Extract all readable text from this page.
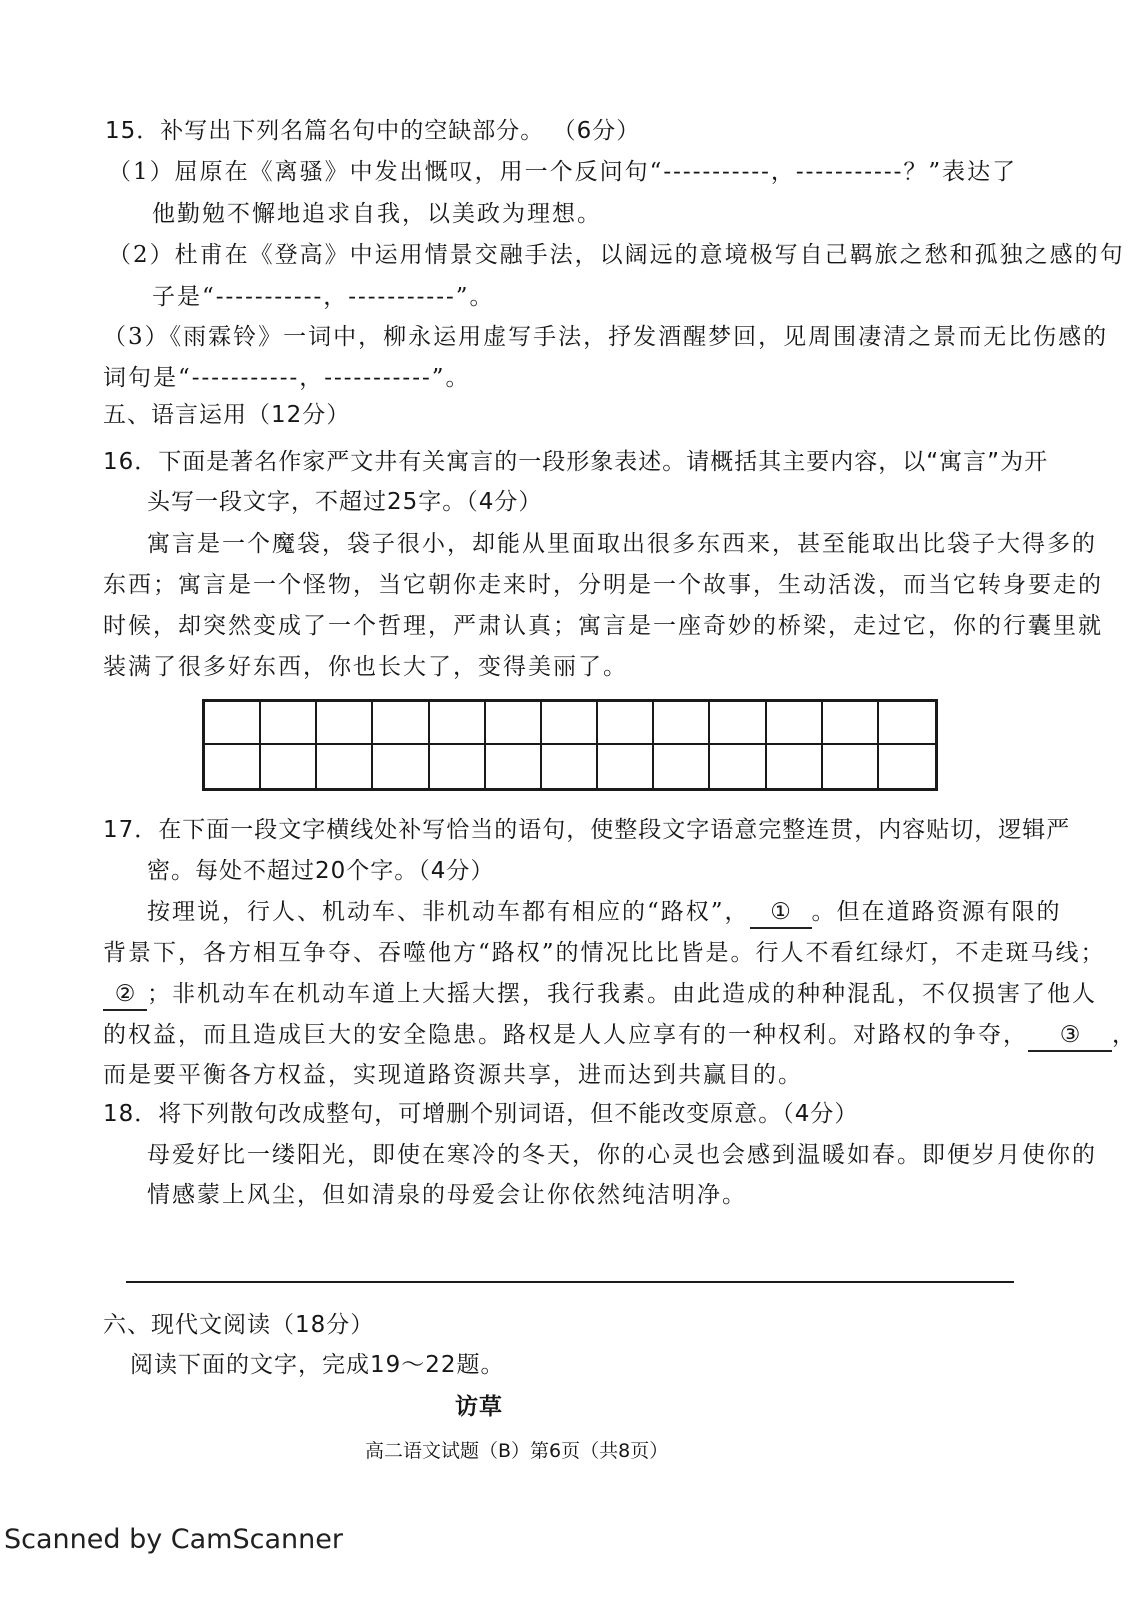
15．补写出下列名篇名句中的空缺部分。 （6分）
（1）屈原在《离骚》中发出慨叹，用一个反问句“-----------，-----------？”表达了
他勤勉不懈地追求自我，以美政为理想。
（2）杜甫在《登高》中运用情景交融手法，以阔远的意境极写自己羁旅之愁和孤独之感的句
子是“-----------，-----------”。
（3）《雨霖铃》一词中，柳永运用虚写手法，抒发酒醒梦回，见周围凄清之景而无比伤感的
词句是“-----------，-----------”。
五、语言运用（12分）
16．下面是著名作家严文井有关寓言的一段形象表述。请概括其主要内容，以“寓言”为开
头写一段文字，不超过25字。（4分）
寓言是一个魔袋，袋子很小，却能从里面取出很多东西来，甚至能取出比袋子大得多的
东西；寓言是一个怪物，当它朝你走来时，分明是一个故事，生动活泼，而当它转身要走的
时候，却突然变成了一个哲理，严肃认真；寓言是一座奇妙的桥梁，走过它，你的行囊里就
装满了很多好东西，你也长大了，变得美丽了。
17．在下面一段文字横线处补写恰当的语句，使整段文字语意完整连贯，内容贴切，逻辑严
密。每处不超过20个字。（4分）
按理说，行人、机动车、非机动车都有相应的“路权”， ① 。但在道路资源有限的
背景下，各方相互争夺、吞噬他方“路权”的情况比比皆是。行人不看红绿灯，不走斑马线；
② ；非机动车在机动车道上大摇大摆，我行我素。由此造成的种种混乱，不仅损害了他人
的权益，而且造成巨大的安全隐患。路权是人人应享有的一种权利。对路权的争夺， ③ ，
而是要平衡各方权益，实现道路资源共享，进而达到共赢目的。
18．将下列散句改成整句，可增删个别词语，但不能改变原意。（4分）
母爱好比一缕阳光，即使在寒冷的冬天，你的心灵也会感到温暖如春。即便岁月使你的
情感蒙上风尘，但如清泉的母爱会让你依然纯洁明净。
六、现代文阅读（18分）
阅读下面的文字，完成19～22题。
访草
高二语文试题（B）第6页（共8页）
Scanned by CamScanner
